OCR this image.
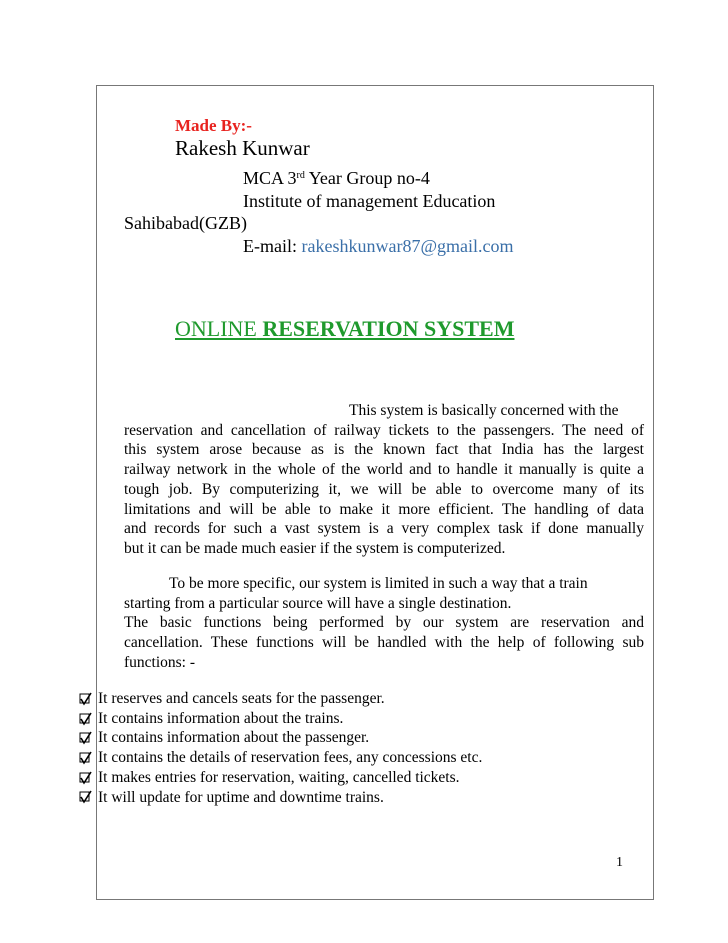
Made By:-
Rakesh Kunwar
MCA 3rd Year Group no-4
Institute of management Education
Sahibabad(GZB)
E-mail: rakeshkunwar87@gmail.com
ONLINE RESERVATION SYSTEM
This system is basically concerned with the
reservation and cancellation of railway tickets to the passengers. The need of
this system arose because as is the known fact that India has the largest
railway network in the whole of the world and to handle it manually is quite a
tough job. By computerizing it, we will be able to overcome many of its
limitations and will be able to make it more efficient. The handling of data
and records for such a vast system is a very complex task if done manually
but it can be made much easier if the system is computerized.
To be more specific, our system is limited in such a way that a train
starting from a particular source will have a single destination.
The basic functions being performed by our system are reservation and
cancellation. These functions will be handled with the help of following sub
functions: -
It reserves and cancels seats for the passenger.
It contains information about the trains.
It contains information about the passenger.
It contains the details of reservation fees, any concessions etc.
It makes entries for reservation, waiting, cancelled tickets.
It will update for uptime and downtime trains.
1
